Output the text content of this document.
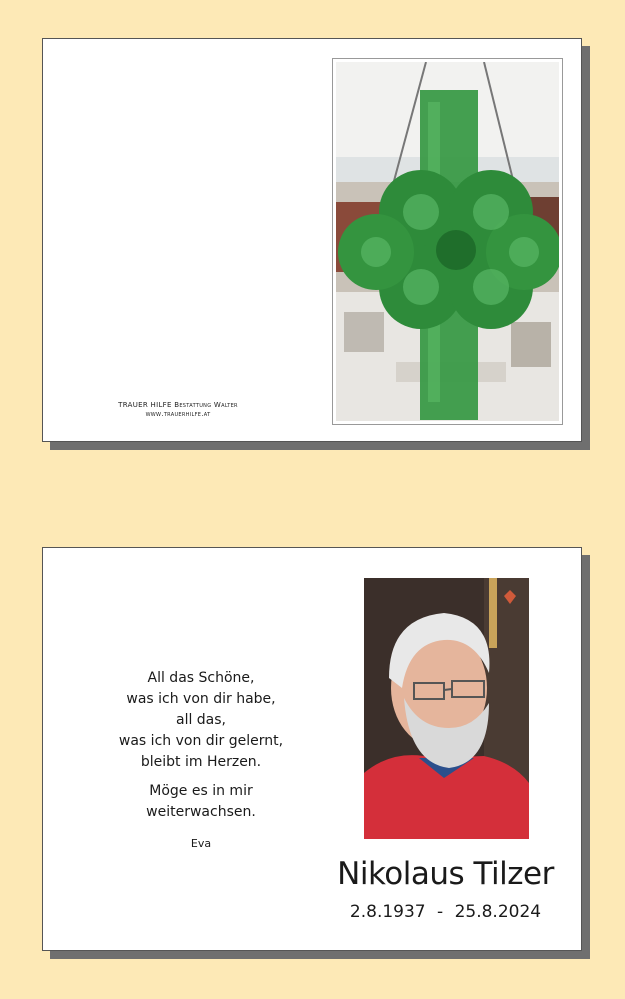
TRAUER HILFE Bestattung Walter
www.trauerhilfe.at

All das Schöne,

was ich von dir habe,

all das,

was ich von dir gelernt,

bleibt im Herzen.

Möge es in mir

weiterwachsen.

Eva

Nikolaus Tilzer
2.8.1937 - 25.8.2024
